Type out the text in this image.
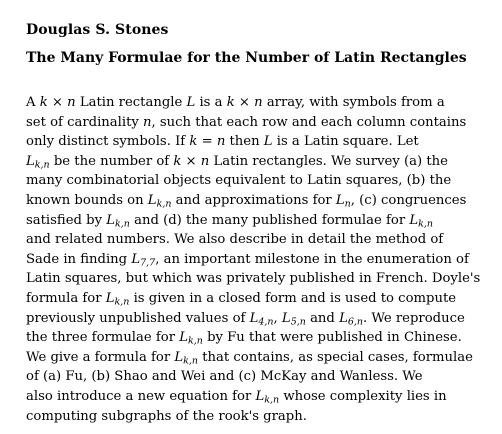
Douglas S. Stones
The Many Formulae for the Number of Latin Rectangles
A k × n Latin rectangle L is a k × n array, with symbols from a
set of cardinality n, such that each row and each column contains
only distinct symbols. If k = n then L is a Latin square. Let
$L_{k,n}$ be the number of k × n Latin rectangles. We survey (a) the
many combinatorial objects equivalent to Latin squares, (b) the
known bounds on $L_{k,n}$ and approximations for $L_n$, (c) congruences
satisfied by $L_{k,n}$ and (d) the many published formulae for $L_{k,n}$
and related numbers. We also describe in detail the method of
Sade in finding $L_{7,7}$, an important milestone in the enumeration of
Latin squares, but which was privately published in French. Doyle's
formula for $L_{k,n}$ is given in a closed form and is used to compute
previously unpublished values of $L_{4,n}$, $L_{5,n}$ and $L_{6,n}$. We reproduce
the three formulae for $L_{k,n}$ by Fu that were published in Chinese.
We give a formula for $L_{k,n}$ that contains, as special cases, formulae
of (a) Fu, (b) Shao and Wei and (c) McKay and Wanless. We
also introduce a new equation for $L_{k,n}$ whose complexity lies in
computing subgraphs of the rook's graph.
